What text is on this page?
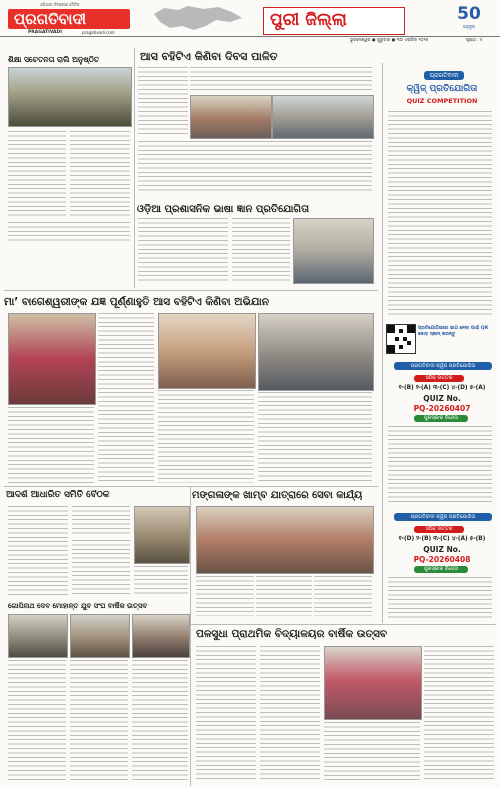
ଓଡ଼ିଶାର ନିରପେକ୍ଷ ଦୈନିକ
ପ୍ରଗତିବାଦୀ
PRAGATIVADI	pragativadi.com
ପୁରୀ ଜିଲ୍ଲା	50
ଅନୁରୂପ
ଭୁବନେଶ୍ୱର ● ଗୁରୁବାର ● ୩୦ ଏପ୍ରିଲ ୨୦୨୬	ପୃଷ୍ଠା : ୫
ଶିକ୍ଷା ସଚେତନତା ରାଲି ଅନୁଷ୍ଠିତ	ଆସ ବହିଟିଏ କିଣିବା ଦିବସ ପାଳିତ
ଓଡ଼ିଆ ପ୍ରଶାସନିକ ଭାଷା ଜ୍ଞାନ ପ୍ରତିଯୋଗିତା
ମା’ ବାଗେଶ୍ୱରୀଙ୍କ ଯଜ୍ଞ ପୂର୍ଣ୍ଣାହୁତି ଆସ ବହିଟିଏ କିଣିବା ଅଭିଯାନ
ଆଦର୍ଶ ଆଧାରିତ ସମିତି ବୈଠକ	ମଙ୍ଗଳାଙ୍କ ଖାମ୍ବ ଯାତ୍ରାରେ ସେବା କାର୍ଯ୍ୟ
ଗୋପିନାଥ ଦେବ ମୋହାନ୍ତ ଯୁବ ସଂଘ ବାର୍ଷିକ ଉତ୍ସବ
ପଳସୁଧା ପ୍ରାଥମିକ ବିଦ୍ୟାଳୟର ବାର୍ଷିକ ଉତ୍ସବ
ପ୍ରଗତିବାଦୀ
କ୍ୱିଜ୍ ପ୍ରତିଯୋଗିତା
QUIZ COMPETITION
ପ୍ରତିଯୋଗିତାରେ ଭାଗ ନେବା ପାଇଁ QR କୋଡ଼ ସ୍କାନ୍ କରନ୍ତୁ
ପ୍ରଗତିବାଦୀ କ୍ୱିଜ୍ ପ୍ରତିଯୋଗିତା
ସଠିକ୍ ଉତ୍ତର
୧-(B) ୨-(A) ୩-(C) ୪-(D) ୫-(A)
QUIZ No.
PQ-20260407
ପୁରସ୍କାର ବିଜେତା
ପ୍ରଗତିବାଦୀ କ୍ୱିଜ୍ ପ୍ରତିଯୋଗିତା
ସଠିକ୍ ଉତ୍ତର
୧-(D) ୨-(B) ୩-(C) ୪-(A) ୫-(B)
QUIZ No.
PQ-20260408
ପୁରସ୍କାର ବିଜେତା
